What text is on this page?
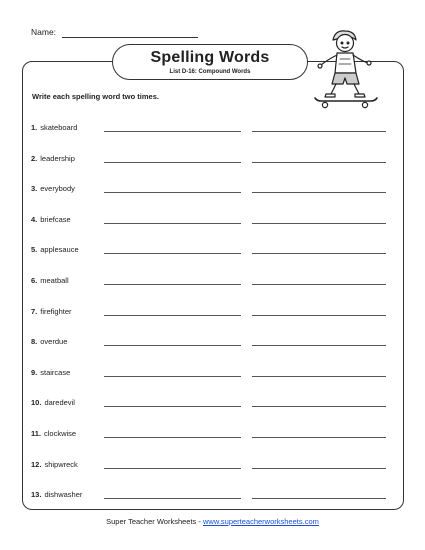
Name:
Spelling Words
List D-16: Compound Words
Write each spelling word two times.
1. skateboard
2. leadership
3. everybody
4. briefcase
5. applesauce
6. meatball
7. firefighter
8. overdue
9. staircase
10. daredevil
11. clockwise
12. shipwreck
13. dishwasher
Super Teacher Worksheets - www.superteacherworksheets.com
